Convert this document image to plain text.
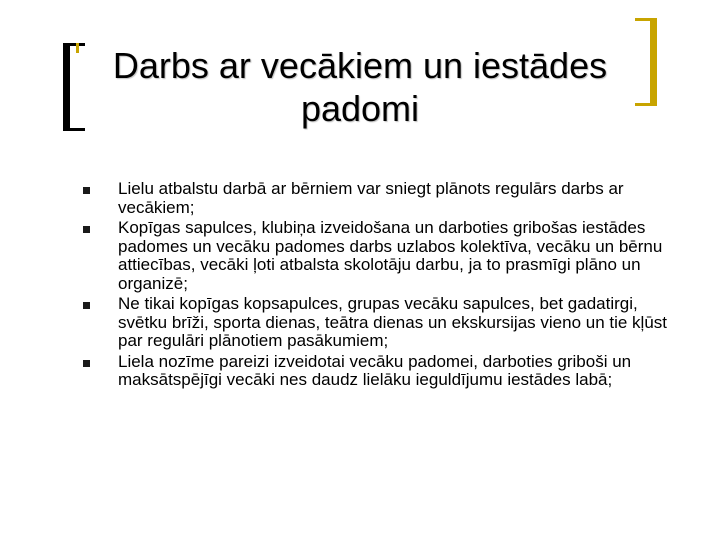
Darbs ar vecākiem un iestādes padomi
Lielu atbalstu darbā ar bērniem var sniegt plānots regulārs darbs ar vecākiem;
Kopīgas sapulces, klubiņa izveidošana un darboties gribošas iestādes padomes un vecāku padomes darbs uzlabos kolektīva, vecāku un bērnu attiecības, vecāki ļoti atbalsta skolotāju darbu, ja to prasmīgi plāno un organizē;
Ne tikai kopīgas kopsapulces, grupas vecāku sapulces, bet gadatirgi, svētku brīži, sporta dienas, teātra dienas un ekskursijas vieno un tie kļūst par regulāri plānotiem pasākumiem;
Liela nozīme pareizi izveidotai vecāku padomei, darboties griboši un maksātspējīgi vecāki nes daudz lielāku ieguldījumu iestādes labā;
